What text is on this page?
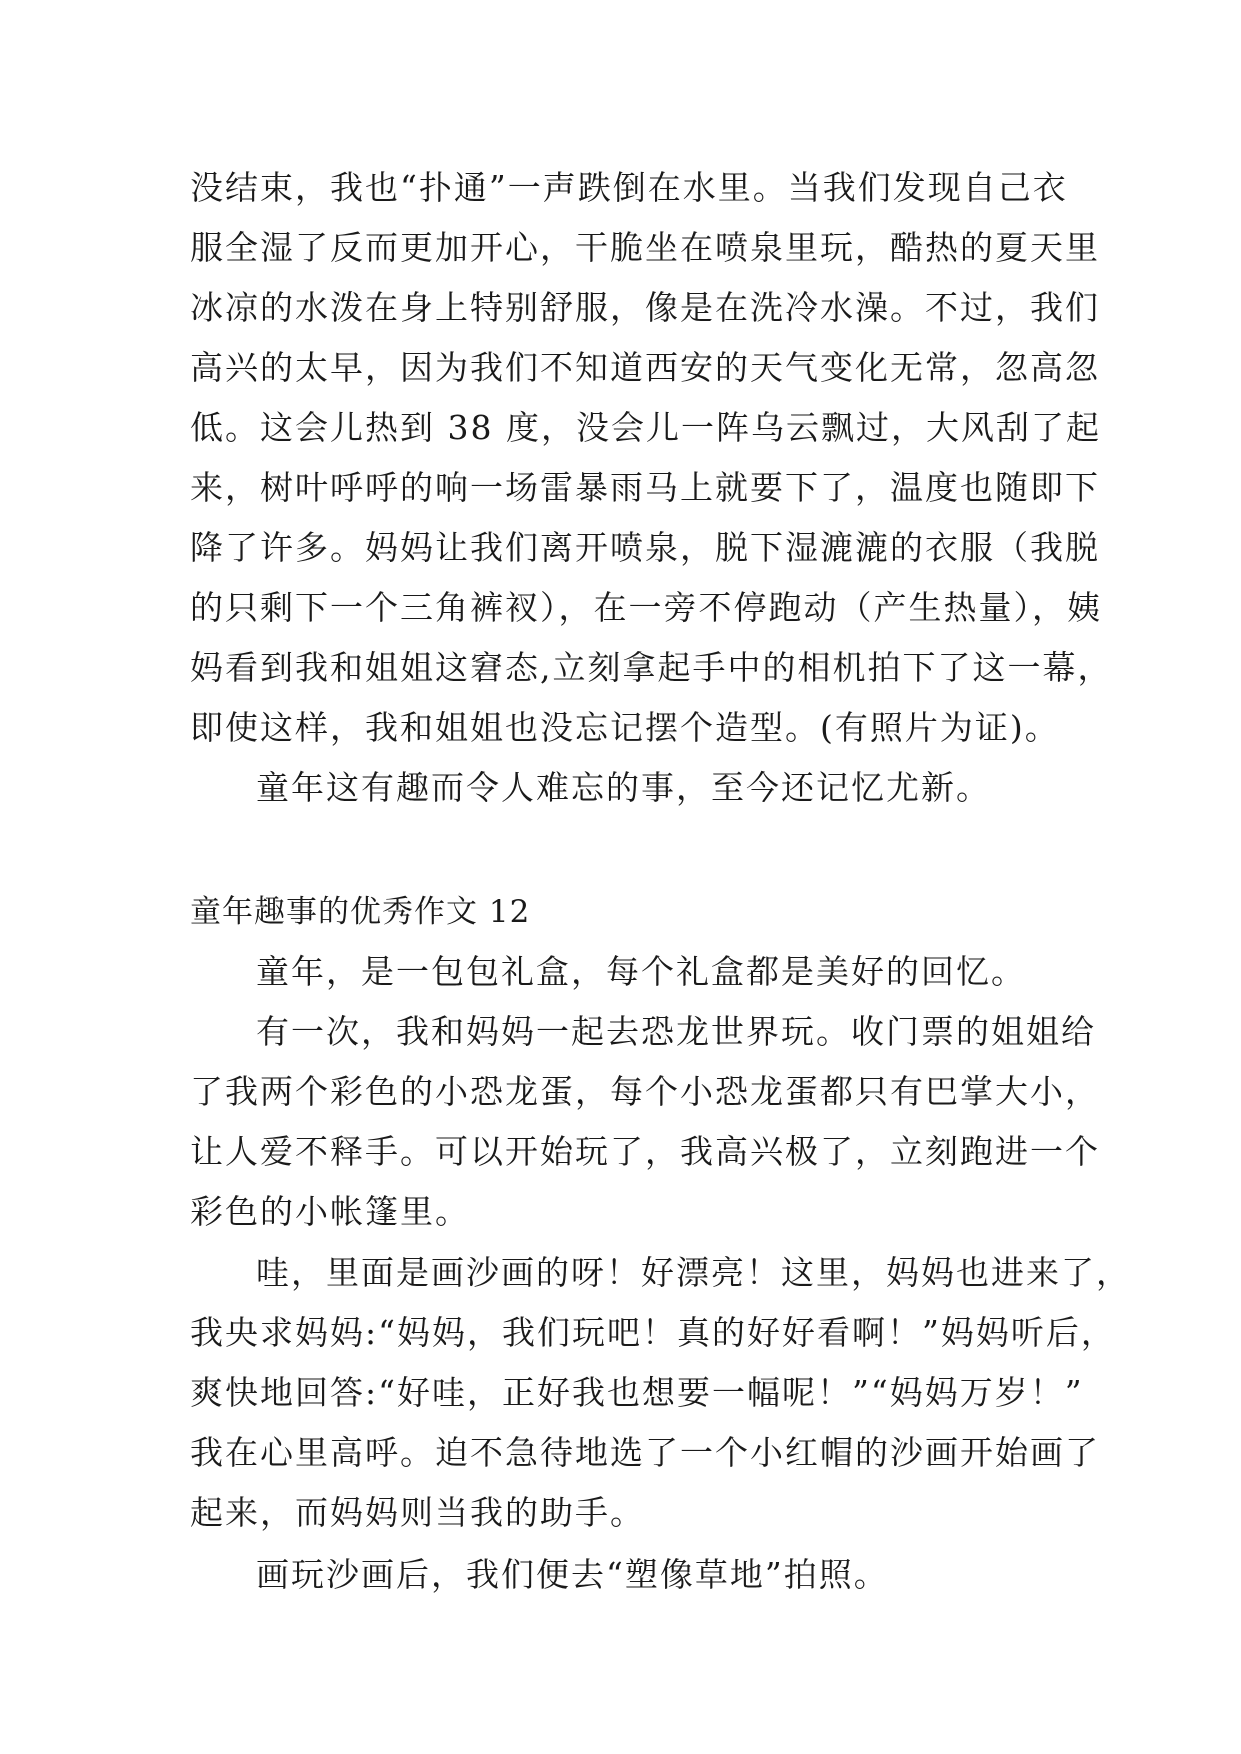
没结束，我也“扑通”一声跌倒在水里。当我们发现自己衣
服全湿了反而更加开心，干脆坐在喷泉里玩，酷热的夏天里
冰凉的水泼在身上特别舒服，像是在洗冷水澡。不过，我们
高兴的太早，因为我们不知道西安的天气变化无常，忽高忽
低。这会儿热到 38 度，没会儿一阵乌云飘过，大风刮了起
来，树叶呼呼的响一场雷暴雨马上就要下了，温度也随即下
降了许多。妈妈让我们离开喷泉，脱下湿漉漉的衣服（我脱
的只剩下一个三角裤衩），在一旁不停跑动（产生热量），姨
妈看到我和姐姐这窘态,立刻拿起手中的相机拍下了这一幕，
即使这样，我和姐姐也没忘记摆个造型。(有照片为证)。
童年这有趣而令人难忘的事，至今还记忆尤新。
童年趣事的优秀作文 12
童年，是一包包礼盒，每个礼盒都是美好的回忆。
有一次，我和妈妈一起去恐龙世界玩。收门票的姐姐给
了我两个彩色的小恐龙蛋，每个小恐龙蛋都只有巴掌大小，
让人爱不释手。可以开始玩了，我高兴极了，立刻跑进一个
彩色的小帐篷里。
哇，里面是画沙画的呀！好漂亮！这里，妈妈也进来了，
我央求妈妈:“妈妈，我们玩吧！真的好好看啊！”妈妈听后，
爽快地回答:“好哇，正好我也想要一幅呢！”“妈妈万岁！”
我在心里高呼。迫不急待地选了一个小红帽的沙画开始画了
起来，而妈妈则当我的助手。
画玩沙画后，我们便去“塑像草地”拍照。
